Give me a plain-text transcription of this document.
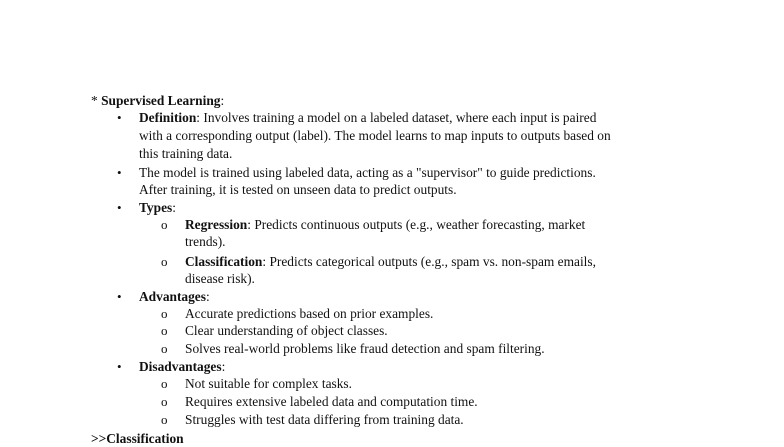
* Supervised Learning:
• Definition: Involves training a model on a labeled dataset, where each input is paired
with a corresponding output (label). The model learns to map inputs to outputs based on
this training data.
• The model is trained using labeled data, acting as a "supervisor" to guide predictions.
After training, it is tested on unseen data to predict outputs.
• Types:
o Regression: Predicts continuous outputs (e.g., weather forecasting, market
trends).
o Classification: Predicts categorical outputs (e.g., spam vs. non-spam emails,
disease risk).
• Advantages:
o Accurate predictions based on prior examples.
o Clear understanding of object classes.
o Solves real-world problems like fraud detection and spam filtering.
• Disadvantages:
o Not suitable for complex tasks.
o Requires extensive labeled data and computation time.
o Struggles with test data differing from training data.
>>Classification
